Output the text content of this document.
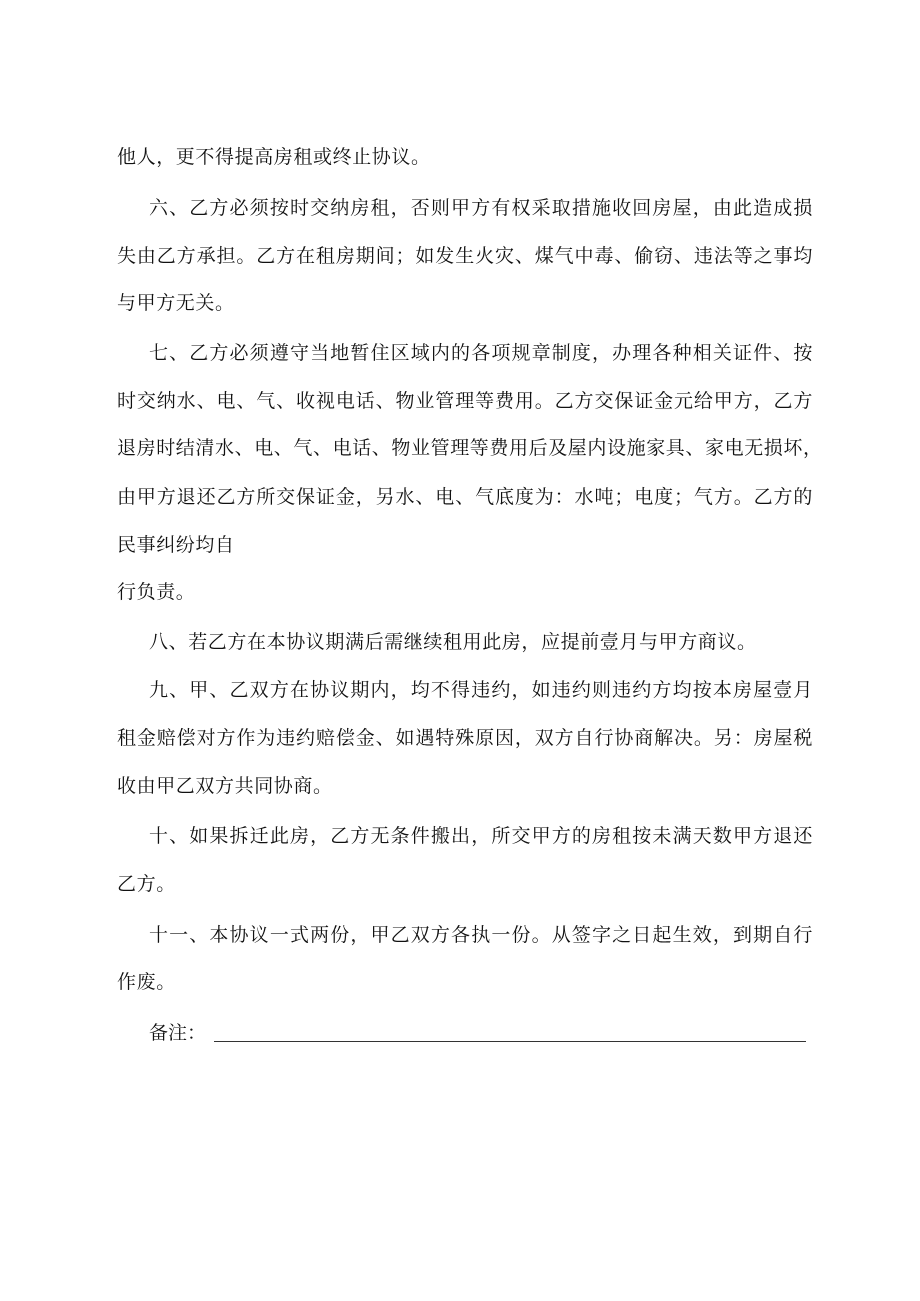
他人，更不得提高房租或终止协议。
六、乙方必须按时交纳房租，否则甲方有权采取措施收回房屋，由此造成损
失由乙方承担。乙方在租房期间；如发生火灾、煤气中毒、偷窃、违法等之事均
与甲方无关。
七、乙方必须遵守当地暂住区域内的各项规章制度，办理各种相关证件、按
时交纳水、电、气、收视电话、物业管理等费用。乙方交保证金元给甲方，乙方
退房时结清水、电、气、电话、物业管理等费用后及屋内设施家具、家电无损坏，
由甲方退还乙方所交保证金，另水、电、气底度为：水吨；电度；气方。乙方的
民事纠纷均自
行负责。
八、若乙方在本协议期满后需继续租用此房，应提前壹月与甲方商议。
九、甲、乙双方在协议期内，均不得违约，如违约则违约方均按本房屋壹月
租金赔偿对方作为违约赔偿金、如遇特殊原因，双方自行协商解决。另：房屋税
收由甲乙双方共同协商。
十、如果拆迁此房，乙方无条件搬出，所交甲方的房租按未满天数甲方退还
乙方。
十一、本协议一式两份，甲乙双方各执一份。从签字之日起生效，到期自行
作废。
备注：
